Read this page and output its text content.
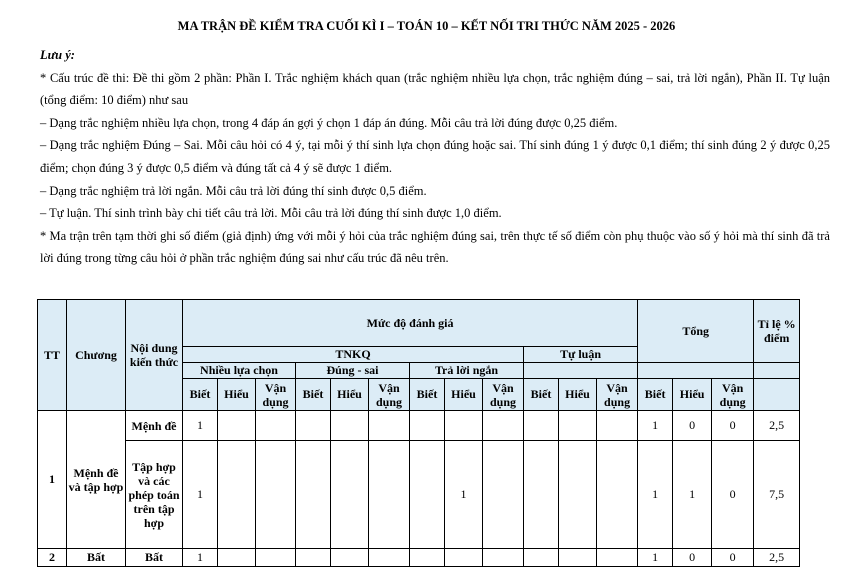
MA TRẬN ĐỀ KIỂM TRA CUỐI KÌ I – TOÁN 10 – KẾT NỐI TRI THỨC NĂM 2025 - 2026

Lưu ý:

* Cấu trúc đề thi: Đề thi gồm 2 phần: Phần I. Trắc nghiệm khách quan (trắc nghiệm nhiều lựa chọn, trắc nghiệm đúng – sai, trả lời ngắn), Phần II. Tự luận (tổng điểm: 10 điểm) như sau

– Dạng trắc nghiệm nhiều lựa chọn, trong 4 đáp án gợi ý chọn 1 đáp án đúng. Mỗi câu trả lời đúng được 0,25 điểm.

– Dạng trắc nghiệm Đúng – Sai. Mỗi câu hỏi có 4 ý, tại mỗi ý thí sinh lựa chọn đúng hoặc sai. Thí sinh đúng 1 ý được 0,1 điểm; thí sinh đúng 2 ý được 0,25 điểm; chọn đúng 3 ý được 0,5 điểm và đúng tất cả 4 ý sẽ được 1 điểm.

– Dạng trắc nghiệm trả lời ngắn. Mỗi câu trả lời đúng thí sinh được 0,5 điểm.

– Tự luận. Thí sinh trình bày chi tiết câu trả lời. Mỗi câu trả lời đúng thí sinh được 1,0 điểm.

* Ma trận trên tạm thời ghi số điểm (giả định) ứng với mỗi ý hỏi của trắc nghiệm đúng sai, trên thực tế số điểm còn phụ thuộc vào số ý hỏi mà thí sinh đã trả lời đúng trong từng câu hỏi ở phần trắc nghiệm đúng sai như cấu trúc đã nêu trên.

TT	Chương	Nội dung kiến thức	Mức độ đánh giá												Tổng			Tỉ lệ % điểm
			TNKQ									Tự luận						
			Nhiều lựa chọn			Đúng - sai			Trả lời ngắn									
			Biết	Hiểu	Vận dụng	Biết	Hiểu	Vận dụng	Biết	Hiểu	Vận dụng	Biết	Hiểu	Vận dụng	Biết	Hiểu	Vận dụng	
1	Mệnh đề và tập hợp	Mệnh đề	1												1	0	0	2,5
		Tập hợp và các phép toán trên tập hợp	1							1					1	1	0	7,5
2	Bất	Bất	1												1	0	0	2,5
